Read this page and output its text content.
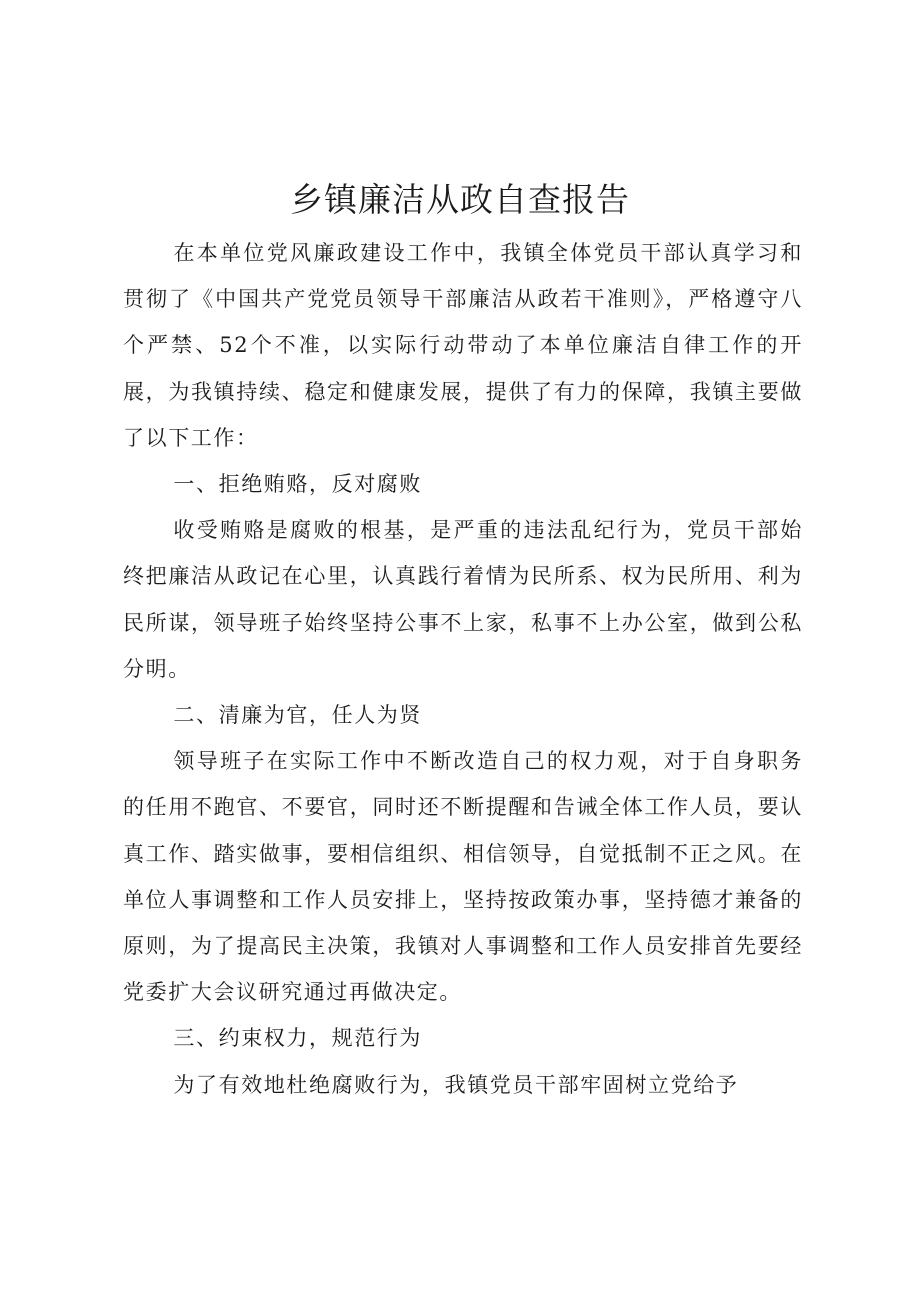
乡镇廉洁从政自查报告

在本单位党风廉政建设工作中，我镇全体党员干部认真学习和贯彻了《中国共产党党员领导干部廉洁从政若干准则》，严格遵守八个严禁、52个不准，以实际行动带动了本单位廉洁自律工作的开展，为我镇持续、稳定和健康发展，提供了有力的保障，我镇主要做了以下工作：

一、拒绝贿赂，反对腐败

收受贿赂是腐败的根基，是严重的违法乱纪行为，党员干部始终把廉洁从政记在心里，认真践行着情为民所系、权为民所用、利为民所谋，领导班子始终坚持公事不上家，私事不上办公室，做到公私分明。

二、清廉为官，任人为贤

领导班子在实际工作中不断改造自己的权力观，对于自身职务的任用不跑官、不要官，同时还不断提醒和告诫全体工作人员，要认真工作、踏实做事，要相信组织、相信领导，自觉抵制不正之风。在单位人事调整和工作人员安排上，坚持按政策办事，坚持德才兼备的原则，为了提高民主决策，我镇对人事调整和工作人员安排首先要经党委扩大会议研究通过再做决定。

三、约束权力，规范行为

为了有效地杜绝腐败行为，我镇党员干部牢固树立党给予
